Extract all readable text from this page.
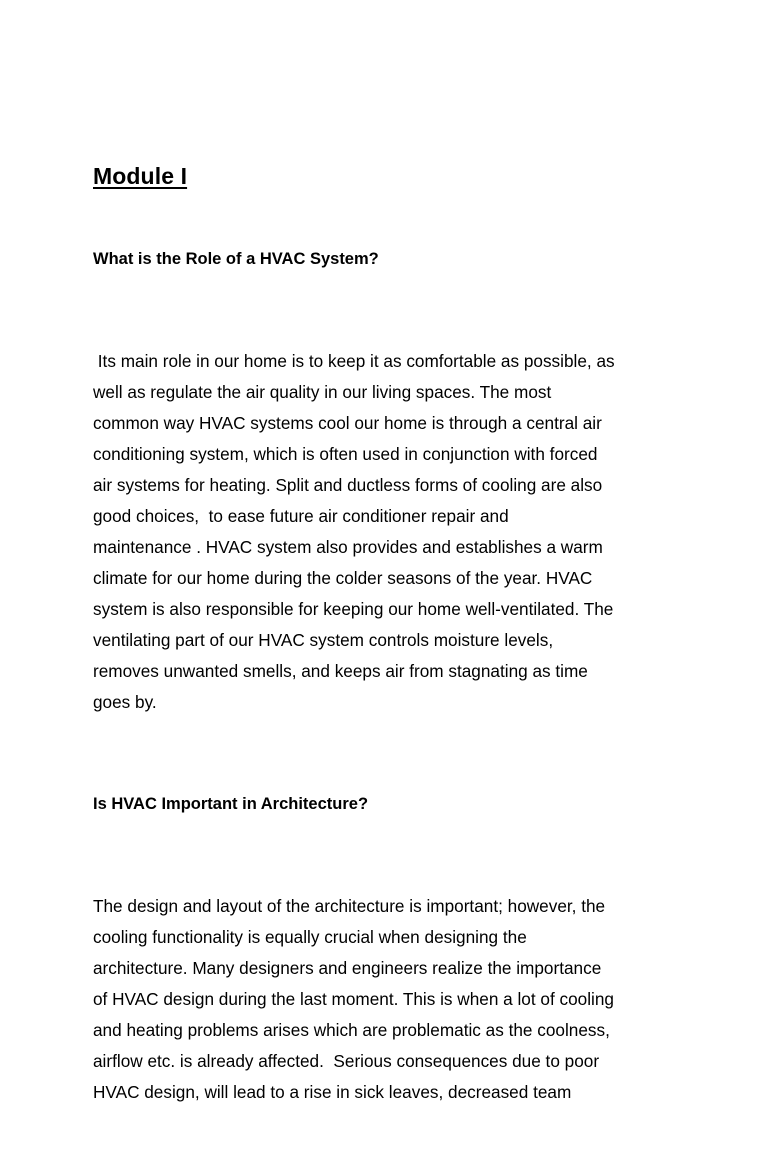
Module I
What is the Role of a HVAC System?

Its main role in our home is to keep it as comfortable as possible, as
well as regulate the air quality in our living spaces. The most
common way HVAC systems cool our home is through a central air
conditioning system, which is often used in conjunction with forced
air systems for heating. Split and ductless forms of cooling are also
good choices,  to ease future air conditioner repair and
maintenance . HVAC system also provides and establishes a warm
climate for our home during the colder seasons of the year. HVAC
system is also responsible for keeping our home well-ventilated. The
ventilating part of our HVAC system controls moisture levels,
removes unwanted smells, and keeps air from stagnating as time
goes by.

Is HVAC Important in Architecture?

The design and layout of the architecture is important; however, the
cooling functionality is equally crucial when designing the
architecture. Many designers and engineers realize the importance
of HVAC design during the last moment. This is when a lot of cooling
and heating problems arises which are problematic as the coolness,
airflow etc. is already affected.  Serious consequences due to poor
HVAC design, will lead to a rise in sick leaves, decreased team
